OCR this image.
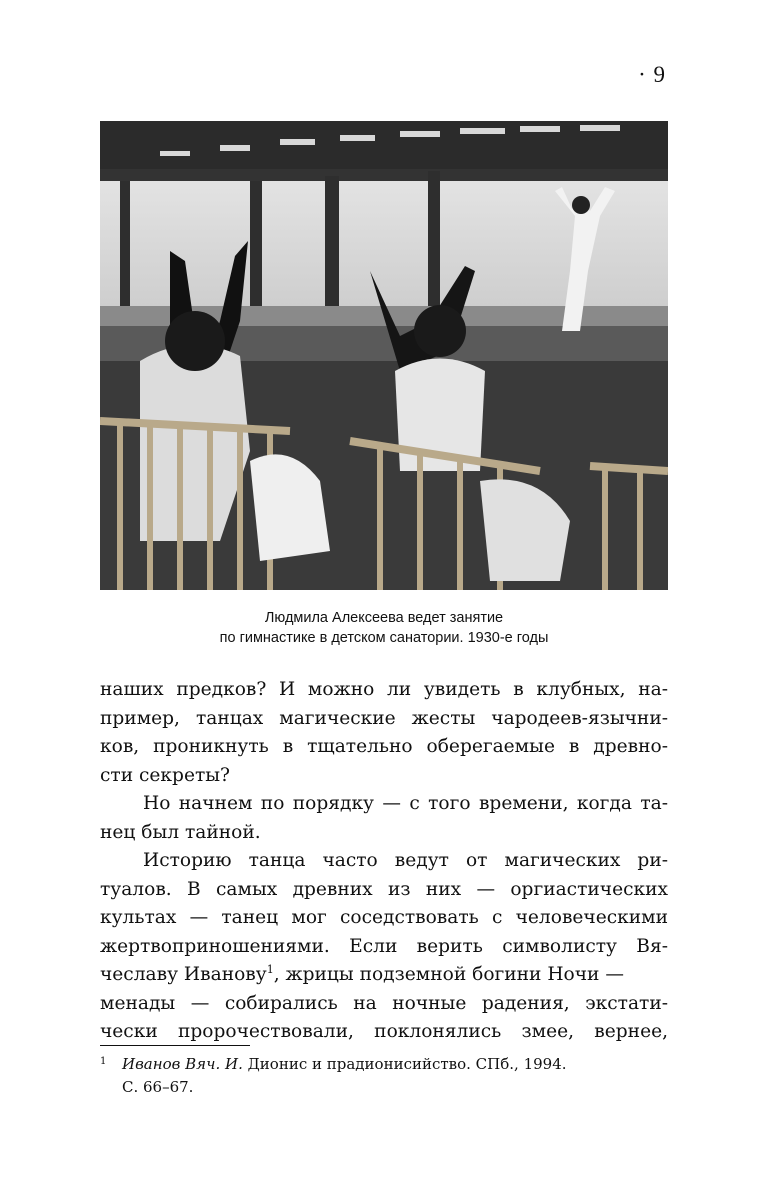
· 9
Людмила Алексеева ведет занятие
по гимнастике в детском санатории. 1930-е годы
наших предков? И можно ли увидеть в клубных, на-
пример, танцах магические жесты чародеев-язычни-
ков, проникнуть в тщательно оберегаемые в древно-
сти секреты?
Но начнем по порядку — с того времени, когда та-
нец был тайной.
Историю танца часто ведут от магических ри-
туалов. В самых древних из них — оргиастических
культах — танец мог соседствовать с человеческими
жертвоприношениями. Если верить символисту Вя-
чеславу Иванову$^1$, жрицы подземной богини Ночи —
менады — собирались на ночные радения, экстати-
чески пророчествовали, поклонялись змее, вернее,
1 Иванов Вяч. И. Дионис и прадионисийство. СПб., 1994.
С. 66–67.
